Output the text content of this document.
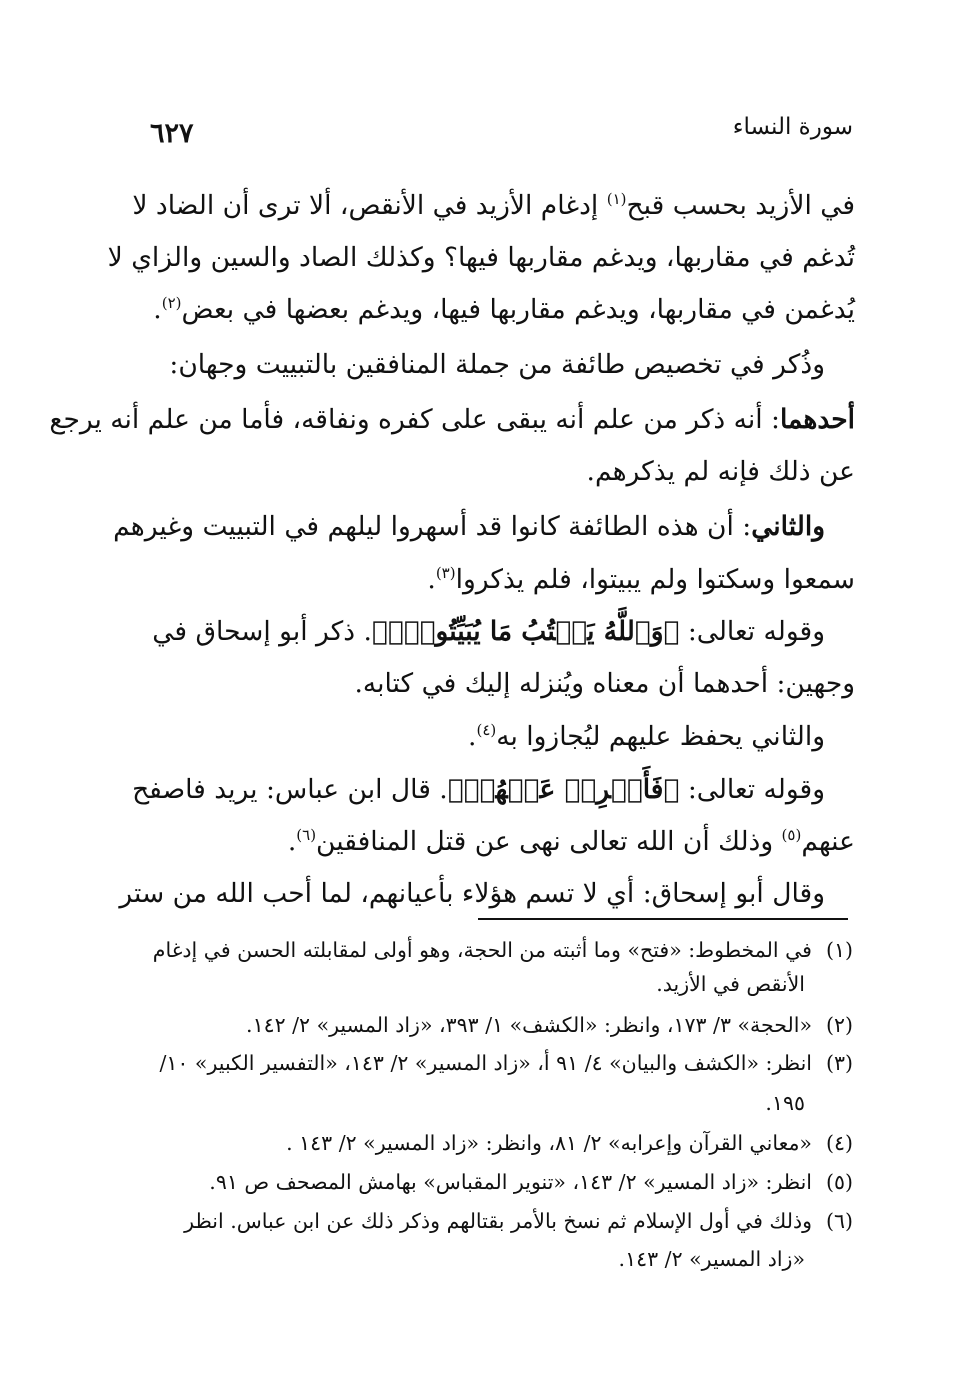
٦٢٧	سورة النساء
في الأزيد بحسب قبح$^{(١)}$ إدغام الأزيد في الأنقص، ألا ترى أن الضاد لا
تُدغم في مقاربها، ويدغم مقاربها فيها؟ وكذلك الصاد والسين والزاي لا
يُدغمن في مقاربها، ويدغم مقاربها فيها، ويدغم بعضها في بعض$^{(٢)}$.
وذُكر في تخصيص طائفة من جملة المنافقين بالتبييت وجهان:
أحدهما: أنه ذكر من علم أنه يبقى على كفره ونفاقه، فأما من علم أنه يرجع
عن ذلك فإنه لم يذكرهم.
والثاني: أن هذه الطائفة كانوا قد أسهروا ليلهم في التبييت وغيرهم
سمعوا وسكتوا ولم يبيتوا، فلم يذكروا$^{(٣)}$.
وقوله تعالى: ﴿وَٱللَّهُ يَكۡتُبُ مَا يُبَيِّتُونَۖ﴾. ذكر أبو إسحاق في
وجهين: أحدهما أن معناه ويُنزله إليك في كتابه.
والثاني يحفظ عليهم ليُجازوا به$^{(٤)}$.
وقوله تعالى: ﴿فَأَعۡرِضۡ عَنۡهُمۡ﴾. قال ابن عباس: يريد فاصفح
عنهم$^{(٥)}$ وذلك أن الله تعالى نهى عن قتل المنافقين$^{(٦)}$.
وقال أبو إسحاق: أي لا تسم هؤلاء بأعيانهم، لما أحب الله من ستر
(١)في المخطوط: «فتح» وما أثبته من الحجة، وهو أولى لمقابلته الحسن في إدغام
الأنقص في الأزيد.
(٢)«الحجة» ٣/ ١٧٣، وانظر: «الكشف» ١/ ٣٩٣، «زاد المسير» ٢/ ١٤٢.
(٣)انظر: «الكشف والبيان» ٤/ ٩١ أ، «زاد المسير» ٢/ ١٤٣، «التفسير الكبير» ١٠/
١٩٥.
(٤)«معاني القرآن وإعرابه» ٢/ ٨١، وانظر: «زاد المسير» ٢/ ١٤٣ .
(٥)انظر: «زاد المسير» ٢/ ١٤٣، «تنوير المقباس» بهامش المصحف ص ٩١.
(٦)وذلك في أول الإسلام ثم نسخ بالأمر بقتالهم وذكر ذلك عن ابن عباس. انظر
«زاد المسير» ٢/ ١٤٣.
